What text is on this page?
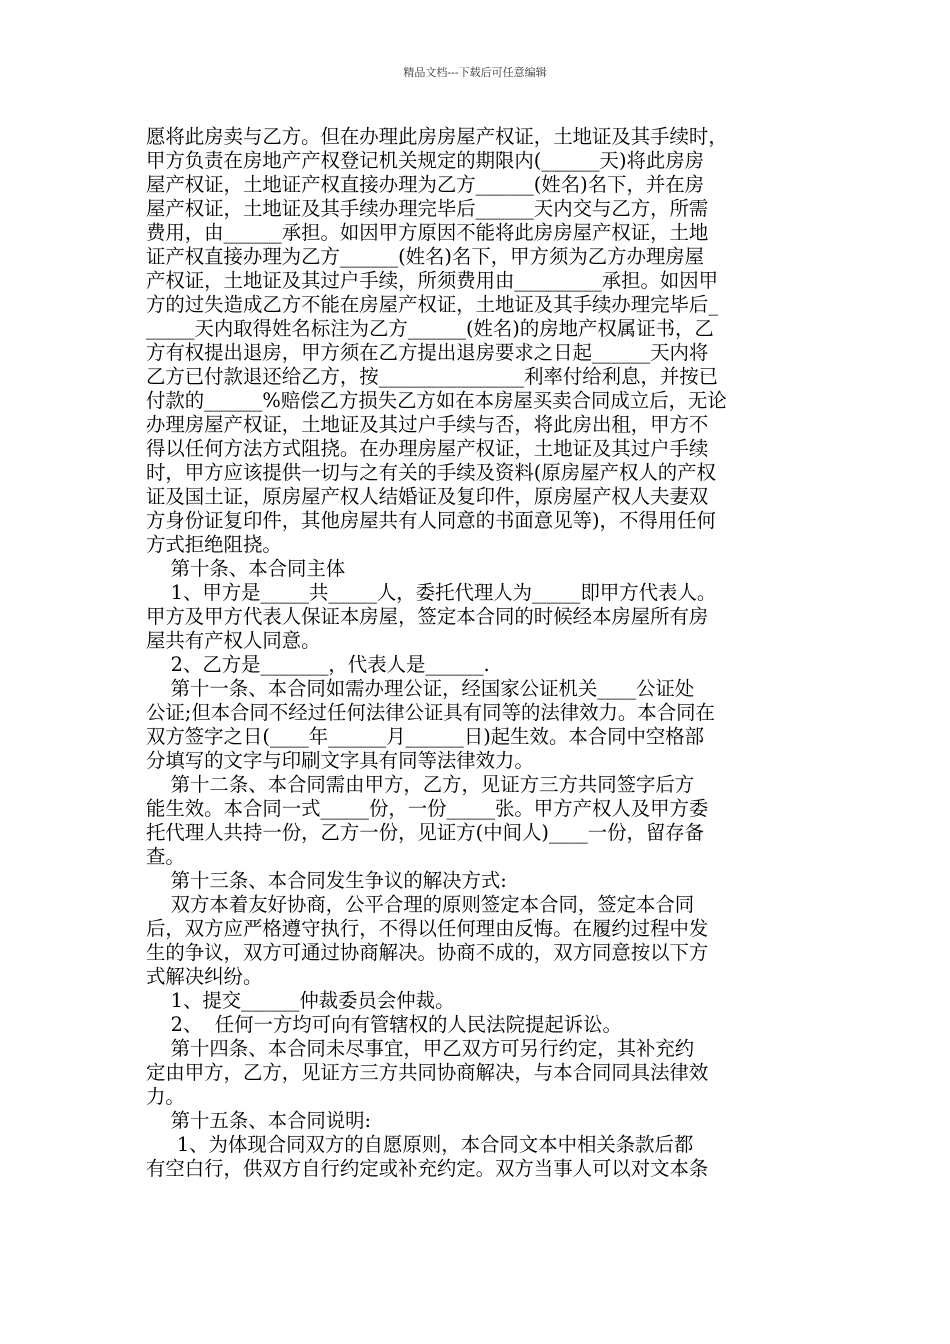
精品文档---下载后可任意编辑
愿将此房卖与乙方。但在办理此房房屋产权证，土地证及其手续时，
甲方负责在房地产产权登记机关规定的期限内(______天)将此房房
屋产权证，土地证产权直接办理为乙方______(姓名)名下，并在房
屋产权证，土地证及其手续办理完毕后______天内交与乙方，所需
费用，由______承担。如因甲方原因不能将此房房屋产权证，土地
证产权直接办理为乙方______(姓名)名下，甲方须为乙方办理房屋
产权证，土地证及其过户手续，所须费用由_________承担。如因甲
方的过失造成乙方不能在房屋产权证，土地证及其手续办理完毕后_
_____天内取得姓名标注为乙方______(姓名)的房地产权属证书，乙
方有权提出退房，甲方须在乙方提出退房要求之日起______天内将
乙方已付款退还给乙方，按_______________利率付给利息，并按已
付款的______%赔偿乙方损失乙方如在本房屋买卖合同成立后，无论
办理房屋产权证，土地证及其过户手续与否，将此房出租，甲方不
得以任何方法方式阻挠。在办理房屋产权证，土地证及其过户手续
时，甲方应该提供一切与之有关的手续及资料(原房屋产权人的产权
证及国土证，原房屋产权人结婚证及复印件，原房屋产权人夫妻双
方身份证复印件，其他房屋共有人同意的书面意见等)，不得用任何
方式拒绝阻挠。
第十条、本合同主体
1、甲方是_____共_____人，委托代理人为_____即甲方代表人。
甲方及甲方代表人保证本房屋，签定本合同的时候经本房屋所有房
屋共有产权人同意。
2、乙方是_______，代表人是______.
第十一条、本合同如需办理公证，经国家公证机关____公证处
公证;但本合同不经过任何法律公证具有同等的法律效力。本合同在
双方签字之日(____年______月______日)起生效。本合同中空格部
分填写的文字与印刷文字具有同等法律效力。
第十二条、本合同需由甲方，乙方，见证方三方共同签字后方
能生效。本合同一式_____份，一份_____张。甲方产权人及甲方委
托代理人共持一份，乙方一份，见证方(中间人)____一份，留存备
查。
第十三条、本合同发生争议的解决方式:
双方本着友好协商，公平合理的原则签定本合同，签定本合同
后，双方应严格遵守执行，不得以任何理由反悔。在履约过程中发
生的争议，双方可通过协商解决。协商不成的，双方同意按以下方
式解决纠纷。
1、提交______仲裁委员会仲裁。
2、  任何一方均可向有管辖权的人民法院提起诉讼。
第十四条、本合同未尽事宜，甲乙双方可另行约定，其补充约
定由甲方，乙方，见证方三方共同协商解决，与本合同同具法律效
力。
第十五条、本合同说明:
1、为体现合同双方的自愿原则，本合同文本中相关条款后都
有空白行，供双方自行约定或补充约定。双方当事人可以对文本条
